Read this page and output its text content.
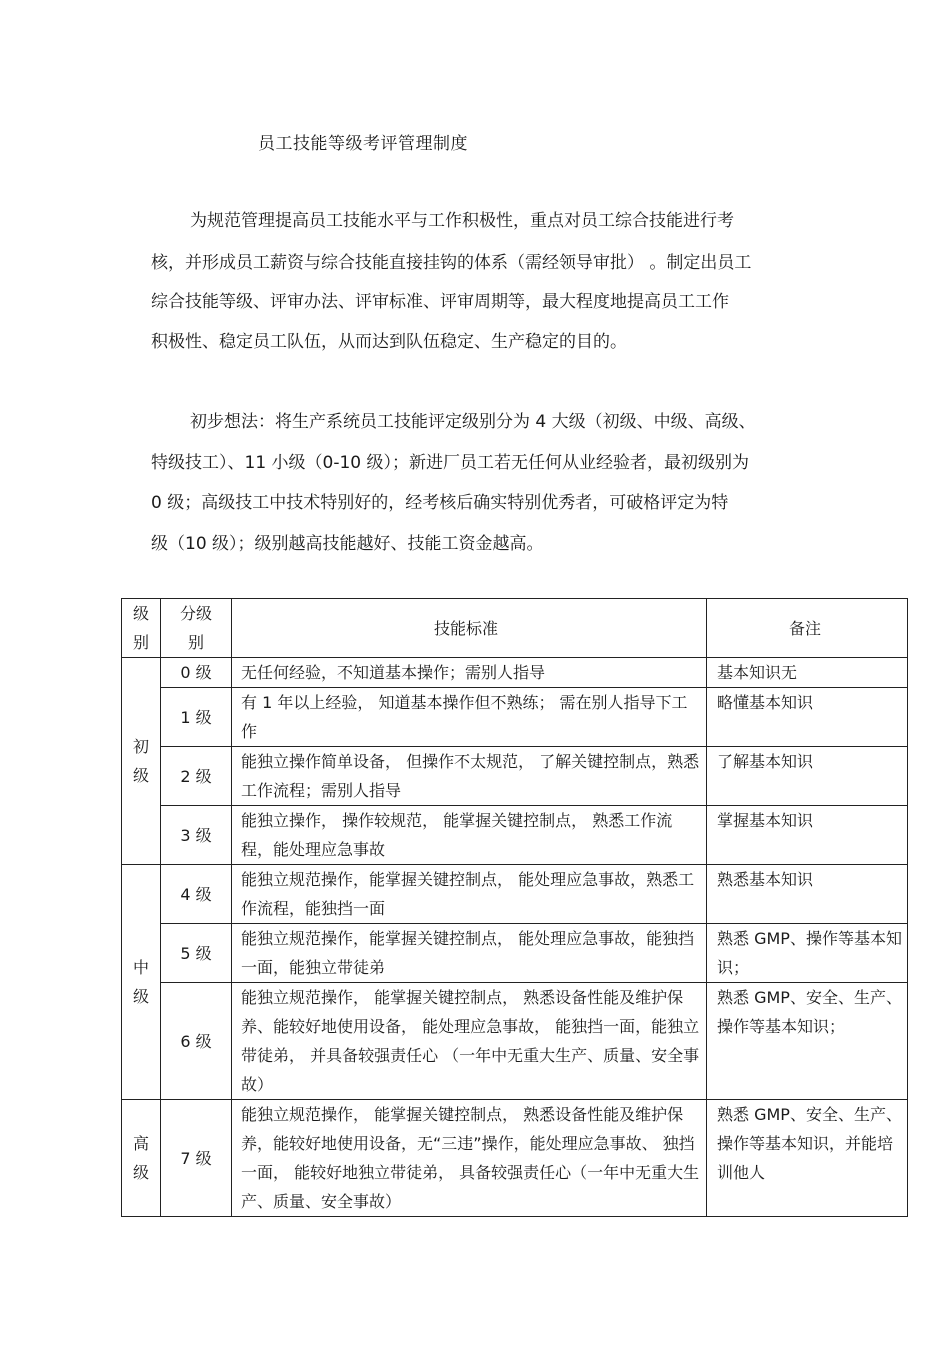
员工技能等级考评管理制度
为规范管理提高员工技能水平与工作积极性，重点对员工综合技能进行考
核，并形成员工薪资与综合技能直接挂钩的体系（需经领导审批） 。制定出员工
综合技能等级、评审办法、评审标准、评审周期等，最大程度地提高员工工作
积极性、稳定员工队伍，从而达到队伍稳定、生产稳定的目的。
初步想法：将生产系统员工技能评定级别分为 4 大级（初级、中级、高级、
特级技工）、11 小级（0-10 级）；新进厂员工若无任何从业经验者，最初级别为
0 级；高级技工中技术特别好的，经考核后确实特别优秀者，可破格评定为特
级（10 级）；级别越高技能越好、技能工资金越高。
级
别	分级
别	技能标准	备注

初
级	0 级	无任何经验，不知道基本操作；需别人指导	基本知识无

	1 级	有 1 年以上经验， 知道基本操作但不熟练； 需在别人指导下工作	略懂基本知识

	2 级	能独立操作简单设备， 但操作不太规范， 了解关键控制点，熟悉工作流程；需别人指导	了解基本知识

	3 级	能独立操作， 操作较规范， 能掌握关键控制点， 熟悉工作流程，能处理应急事故	掌握基本知识

中
级	4 级	能独立规范操作，能掌握关键控制点， 能处理应急事故，熟悉工作流程，能独挡一面	熟悉基本知识

	5 级	能独立规范操作，能掌握关键控制点， 能处理应急事故，能独挡一面，能独立带徒弟	熟悉 GMP、操作等基本知识；

	6 级	能独立规范操作， 能掌握关键控制点， 熟悉设备性能及维护保养、能较好地使用设备， 能处理应急事故， 能独挡一面，能独立带徒弟， 并具备较强责任心 （一年中无重大生产、质量、安全事故）	熟悉 GMP、安全、生产、操作等基本知识；

高
级	7 级	能独立规范操作， 能掌握关键控制点， 熟悉设备性能及维护保养，能较好地使用设备，无“三违”操作，能处理应急事故、 独挡一面， 能较好地独立带徒弟， 具备较强责任心（一年中无重大生产、质量、安全事故）	熟悉 GMP、安全、生产、操作等基本知识，并能培训他人
